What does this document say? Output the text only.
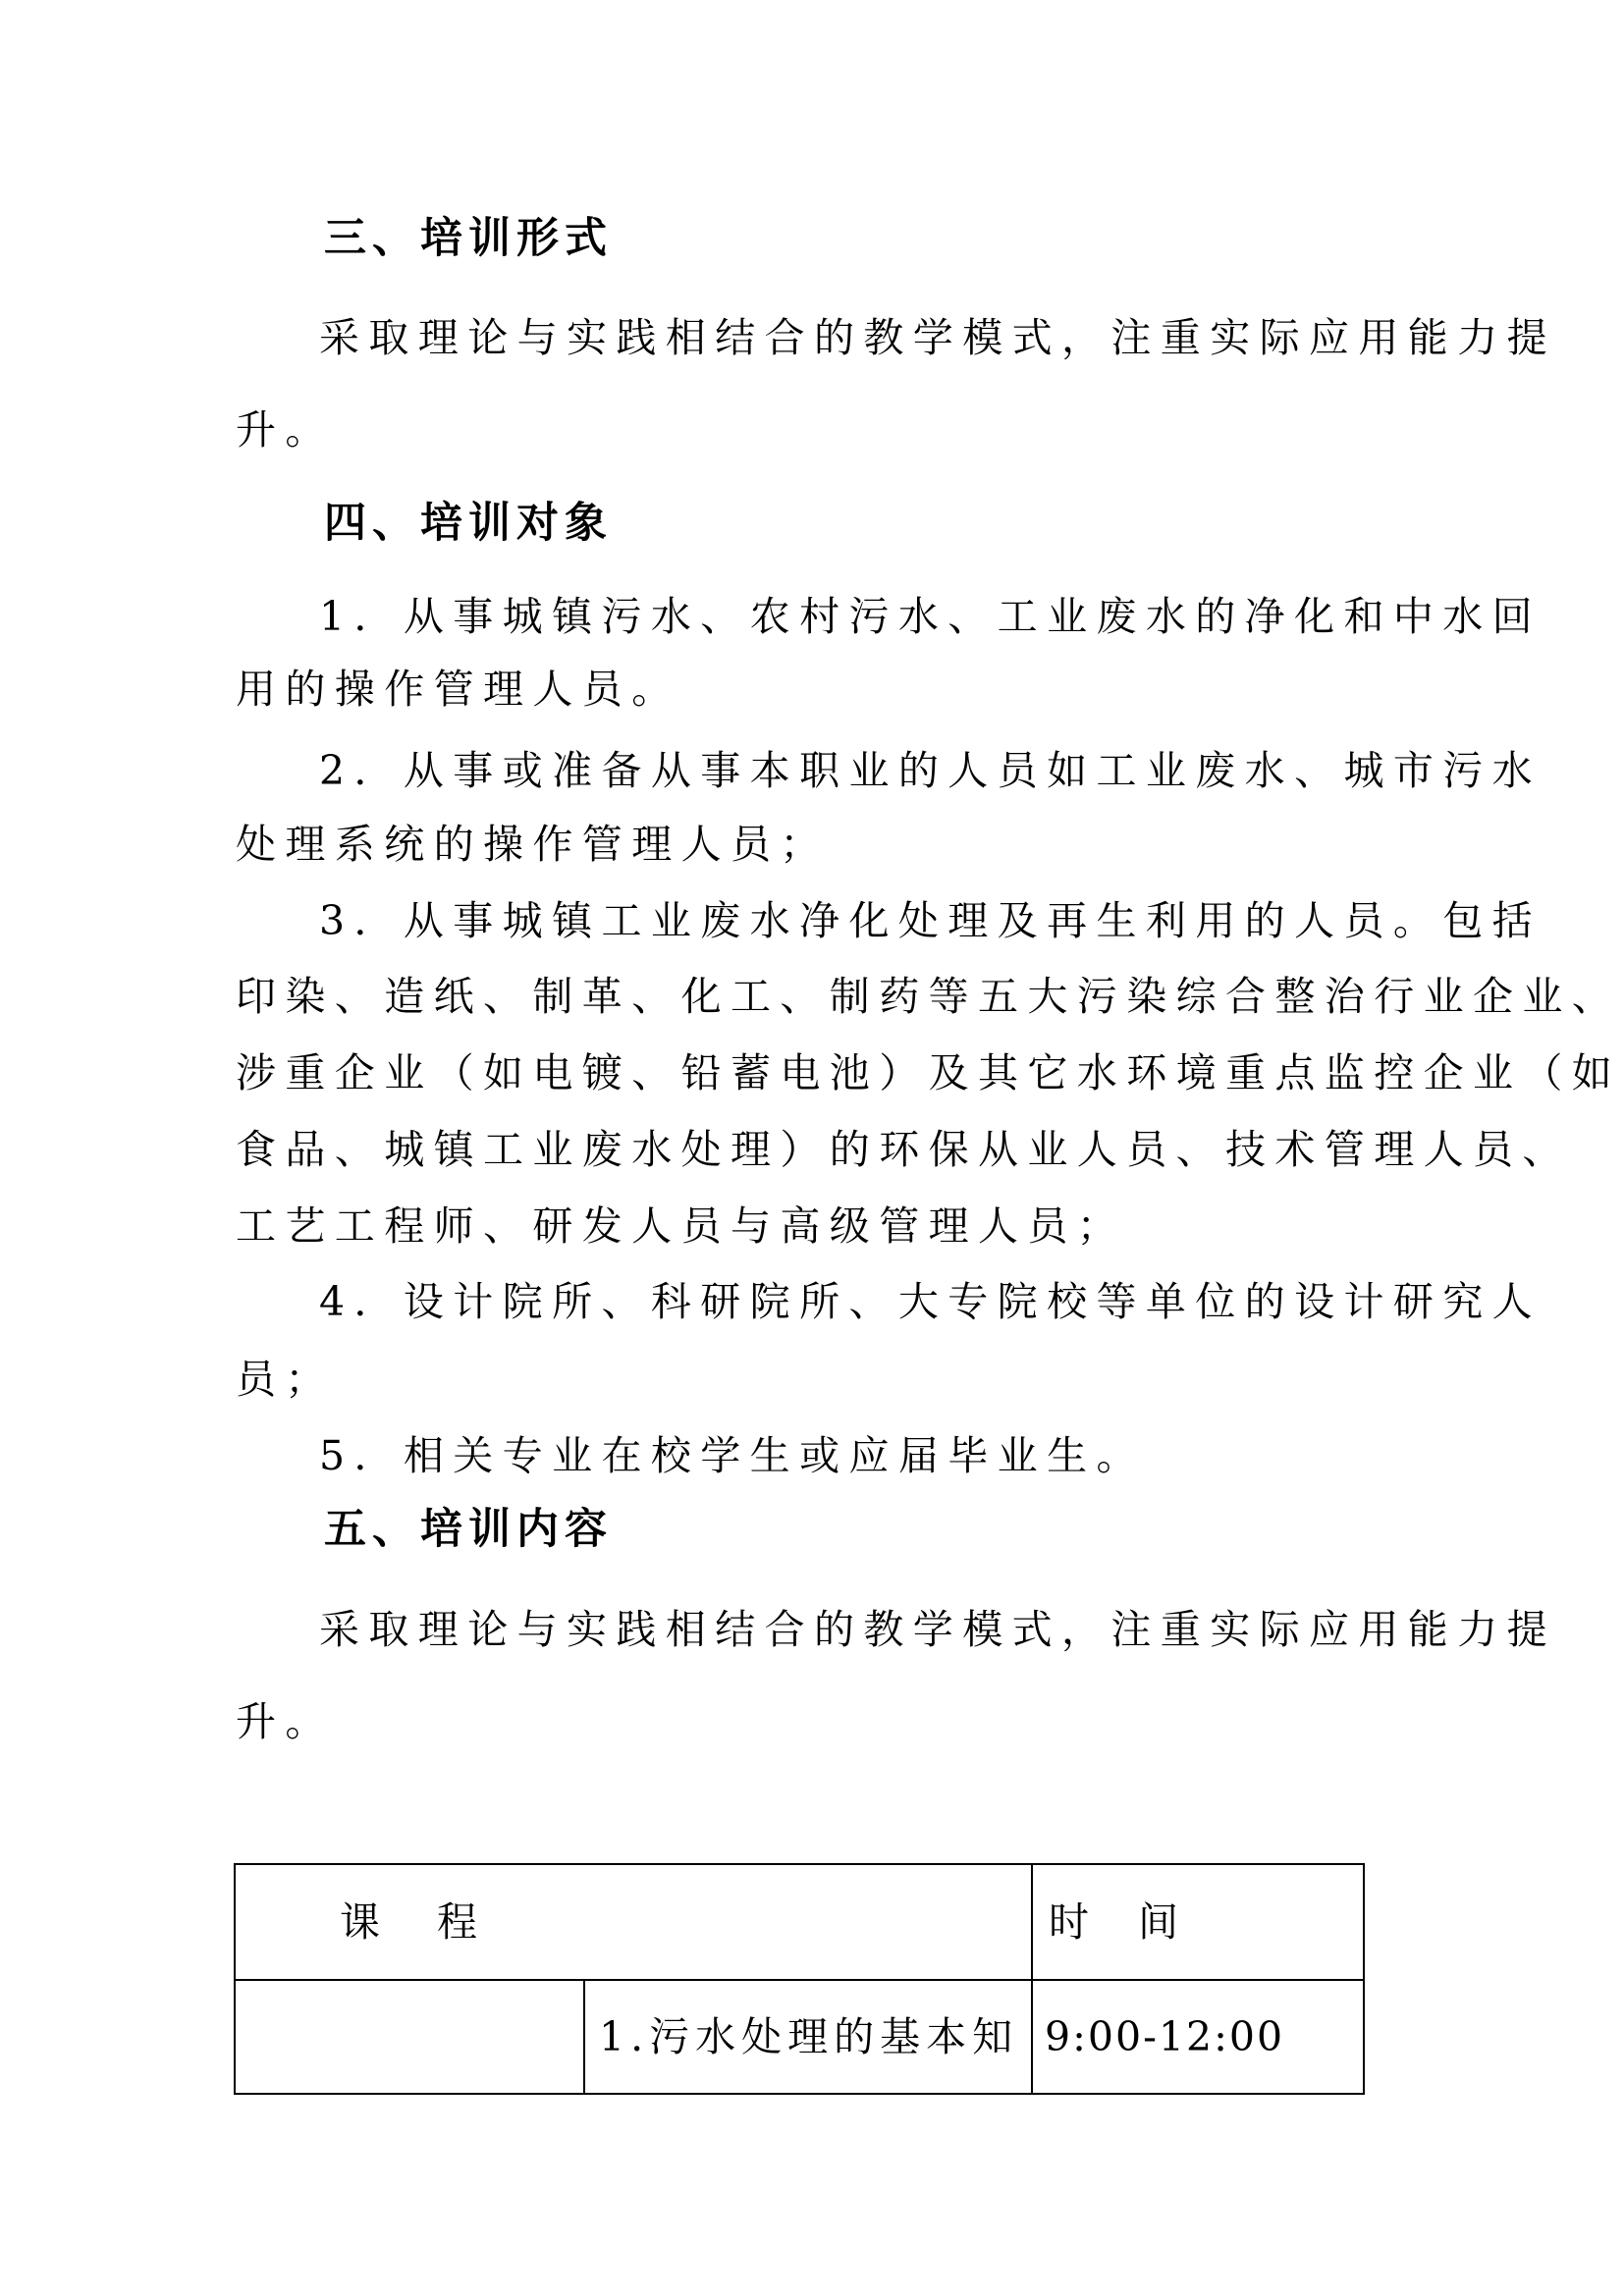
三、培训形式
采取理论与实践相结合的教学模式，注重实际应用能力提
升。
四、培训对象
1．从事城镇污水、农村污水、工业废水的净化和中水回
用的操作管理人员。
2．从事或准备从事本职业的人员如工业废水、城市污水
处理系统的操作管理人员；
3．从事城镇工业废水净化处理及再生利用的人员。包括
印染、造纸、制革、化工、制药等五大污染综合整治行业企业、
涉重企业（如电镀、铅蓄电池）及其它水环境重点监控企业（如
食品、城镇工业废水处理）的环保从业人员、技术管理人员、
工艺工程师、研发人员与高级管理人员；
4．设计院所、科研院所、大专院校等单位的设计研究人
员；
5．相关专业在校学生或应届毕业生。
五、培训内容
采取理论与实践相结合的教学模式，注重实际应用能力提
升。
课 程		时 间
	1.污水处理的基本知	9:00-12:00
